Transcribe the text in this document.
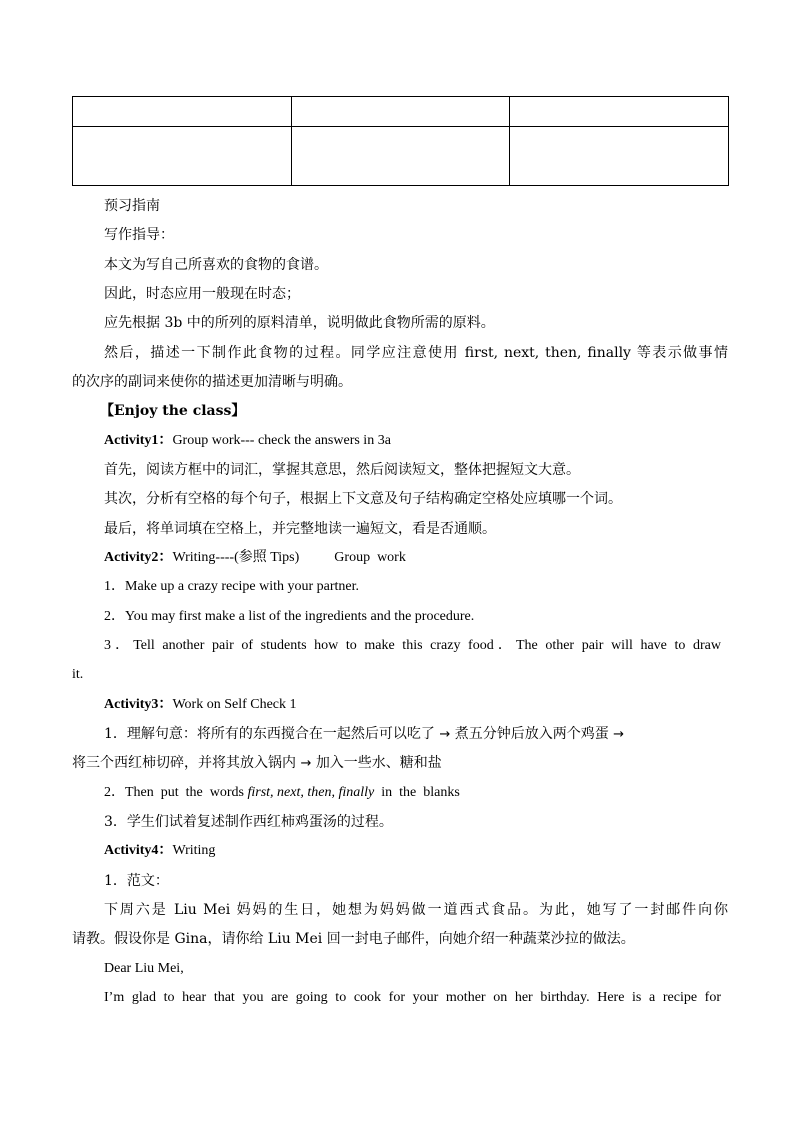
预习指南
写作指导：
本文为写自己所喜欢的食物的食谱。
因此，时态应用一般现在时态；
应先根据 3b 中的所列的原料清单，说明做此食物所需的原料。
然后，描述一下制作此食物的过程。同学应注意使用 first, next, then, finally 等表示做事情
的次序的副词来使你的描述更加清晰与明确。
【Enjoy the class】
Activity1：Group work--- check the answers in 3a
首先，阅读方框中的词汇，掌握其意思，然后阅读短文，整体把握短文大意。
其次，分析有空格的每个句子，根据上下文意及句子结构确定空格处应填哪一个词。
最后，将单词填在空格上，并完整地读一遍短文，看是否通顺。
Activity2：Writing----(参照 Tips)          Group  work
1．Make up a crazy recipe with your partner.
2．You may first make a list of the ingredients and the procedure.
3．Tell another pair of students how to make this crazy food．The other pair will have to draw
it.
Activity3：Work on Self Check 1
1．理解句意：将所有的东西搅合在一起然后可以吃了 → 煮五分钟后放入两个鸡蛋 →
将三个西红柿切碎，并将其放入锅内 → 加入一些水、糖和盐
2．Then  put  the  words first, next, then, finally  in  the  blanks
3．学生们试着复述制作西红柿鸡蛋汤的过程。
Activity4：Writing
1．范文：
下周六是 Liu Mei 妈妈的生日，她想为妈妈做一道西式食品。为此，她写了一封邮件向你
请教。假设你是 Gina，请你给 Liu Mei 回一封电子邮件，向她介绍一种蔬菜沙拉的做法。
Dear Liu Mei,
I’m glad to hear that you are going to cook for your mother on her birthday. Here is a recipe for
